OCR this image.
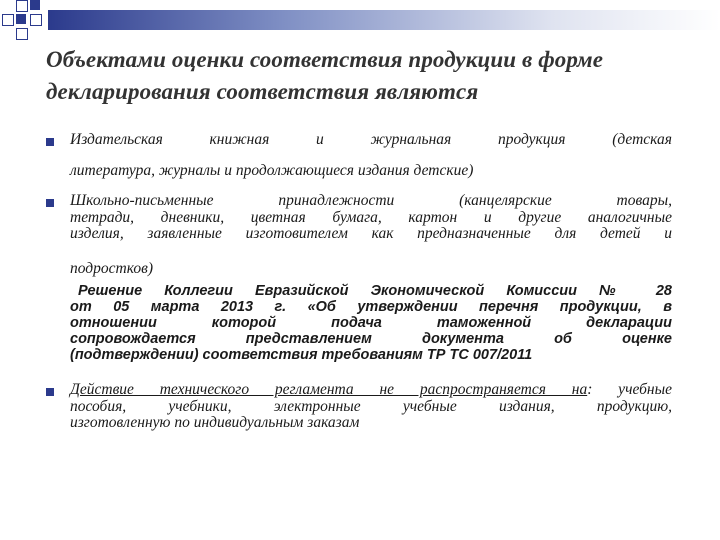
Объектами оценки соответствия продукции в форме
декларирования соответствия являются
Издательская	книжная	и	журнальная	продукция	(детская
литература, журналы и продолжающиеся издания детские)
Школьно-письменные принадлежности (канцелярские товары,
тетради, дневники, цветная бумага, картон и другие аналогичные
изделия, заявленные изготовителем как предназначенные для детей и
подростков)
Решение Коллегии Евразийской Экономической Комиссии № 28
от 05 марта 2013 г. «Об утверждении перечня продукции, в
отношении которой подача таможенной декларации
сопровождается представлением документа об оценке
(подтверждении) соответствия требованиям ТР ТС 007/2011
Действие технического регламента не распространяется на: учебные
пособия, учебники, электронные учебные издания, продукцию,
изготовленную по индивидуальным заказам
